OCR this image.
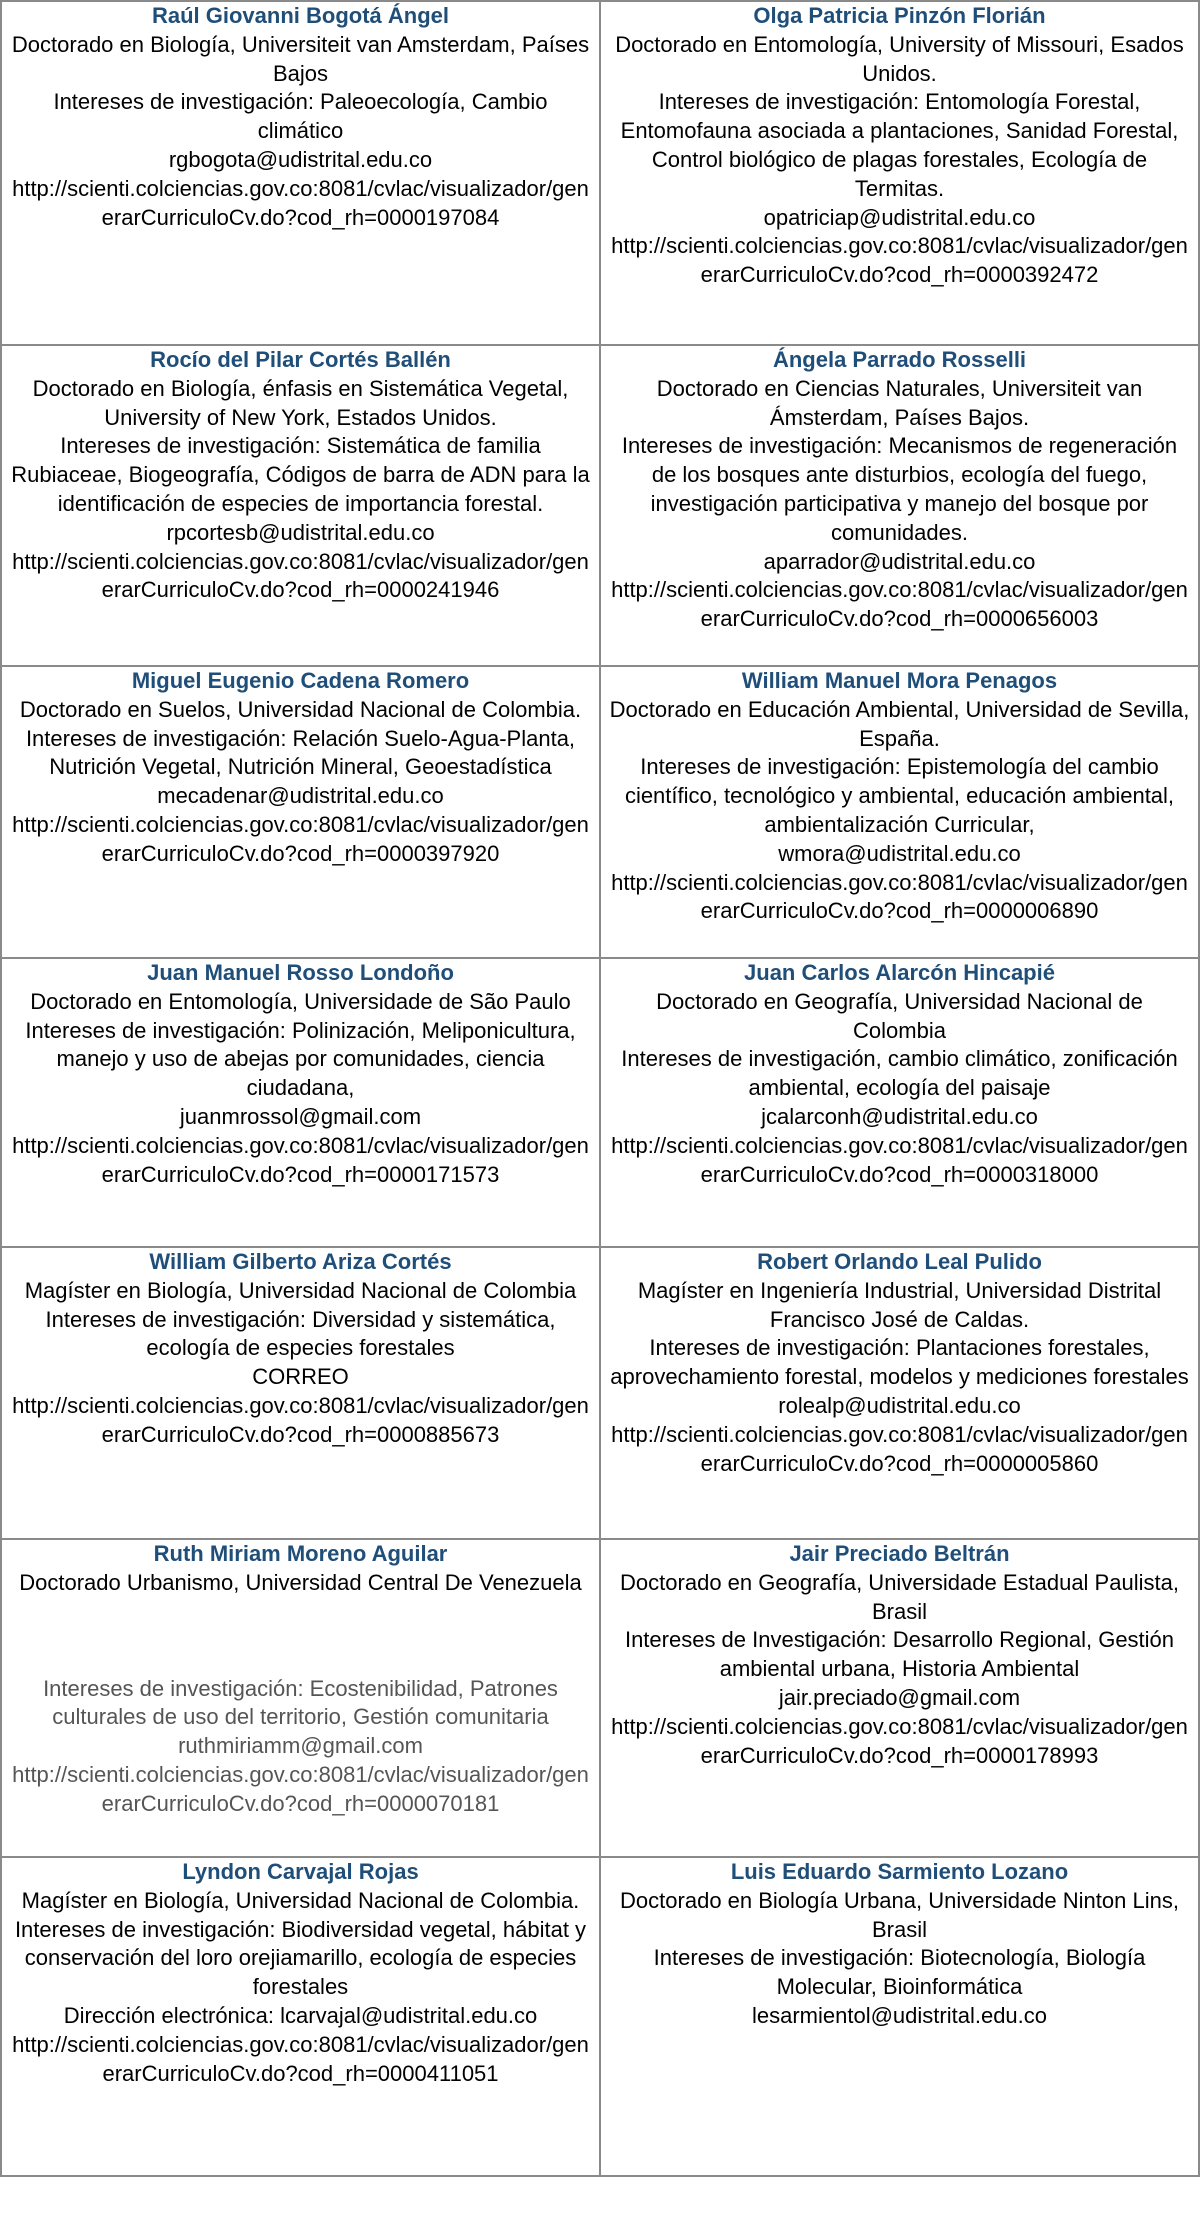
Raúl Giovanni Bogotá Ángel
Doctorado en Biología, Universiteit van Amsterdam, Países Bajos
Intereses de investigación: Paleoecología, Cambio climático
rgbogota@udistrital.edu.co
http://scienti.colciencias.gov.co:8081/cvlac/visualizador/generarCurriculoCv.do?cod_rh=0000197084
Olga Patricia Pinzón Florián
Doctorado en Entomología, University of Missouri, Esados Unidos.
Intereses de investigación: Entomología Forestal, Entomofauna asociada a plantaciones, Sanidad Forestal, Control biológico de plagas forestales, Ecología de Termitas.
opatriciap@udistrital.edu.co
http://scienti.colciencias.gov.co:8081/cvlac/visualizador/generarCurriculoCv.do?cod_rh=0000392472
Rocío del Pilar Cortés Ballén
Doctorado en Biología, énfasis en Sistemática Vegetal, University of New York, Estados Unidos.
Intereses de investigación: Sistemática de familia Rubiaceae, Biogeografía, Códigos de barra de ADN para la identificación de especies de importancia forestal.
rpcortesb@udistrital.edu.co
http://scienti.colciencias.gov.co:8081/cvlac/visualizador/generarCurriculoCv.do?cod_rh=0000241946
Ángela Parrado Rosselli
Doctorado en Ciencias Naturales, Universiteit van Ámsterdam, Países Bajos.
Intereses de investigación: Mecanismos de regeneración de los bosques ante disturbios, ecología del fuego, investigación participativa y manejo del bosque por comunidades.
aparrador@udistrital.edu.co
http://scienti.colciencias.gov.co:8081/cvlac/visualizador/generarCurriculoCv.do?cod_rh=0000656003
Miguel Eugenio Cadena Romero
Doctorado en Suelos, Universidad Nacional de Colombia.
Intereses de investigación: Relación Suelo-Agua-Planta, Nutrición Vegetal, Nutrición Mineral, Geoestadística
mecadenar@udistrital.edu.co
http://scienti.colciencias.gov.co:8081/cvlac/visualizador/generarCurriculoCv.do?cod_rh=0000397920
William Manuel Mora Penagos
Doctorado en Educación Ambiental, Universidad de Sevilla, España.
Intereses de investigación: Epistemología del cambio científico, tecnológico y ambiental, educación ambiental, ambientalización Curricular,
wmora@udistrital.edu.co
http://scienti.colciencias.gov.co:8081/cvlac/visualizador/generarCurriculoCv.do?cod_rh=0000006890
Juan Manuel Rosso Londoño
Doctorado en Entomología, Universidade de São Paulo
Intereses de investigación: Polinización, Meliponicultura, manejo y uso de abejas por comunidades, ciencia ciudadana,
juanmrossol@gmail.com
http://scienti.colciencias.gov.co:8081/cvlac/visualizador/generarCurriculoCv.do?cod_rh=0000171573
Juan Carlos Alarcón Hincapié
Doctorado en Geografía, Universidad Nacional de Colombia
Intereses de investigación, cambio climático, zonificación ambiental, ecología del paisaje
jcalarconh@udistrital.edu.co
http://scienti.colciencias.gov.co:8081/cvlac/visualizador/generarCurriculoCv.do?cod_rh=0000318000
William Gilberto Ariza Cortés
Magíster en Biología, Universidad Nacional de Colombia
Intereses de investigación: Diversidad y sistemática, ecología de especies forestales
CORREO
http://scienti.colciencias.gov.co:8081/cvlac/visualizador/generarCurriculoCv.do?cod_rh=0000885673
Robert Orlando Leal Pulido
Magíster en Ingeniería Industrial, Universidad Distrital Francisco José de Caldas.
Intereses de investigación: Plantaciones forestales, aprovechamiento forestal, modelos y mediciones forestales
rolealp@udistrital.edu.co
http://scienti.colciencias.gov.co:8081/cvlac/visualizador/generarCurriculoCv.do?cod_rh=0000005860
Ruth Miriam Moreno Aguilar
Doctorado Urbanismo, Universidad Central De Venezuela
Intereses de investigación: Ecostenibilidad, Patrones culturales de uso del territorio, Gestión comunitaria
ruthmiriamm@gmail.com
http://scienti.colciencias.gov.co:8081/cvlac/visualizador/generarCurriculoCv.do?cod_rh=0000070181
Jair Preciado Beltrán
Doctorado en Geografía, Universidade Estadual Paulista, Brasil
Intereses de Investigación: Desarrollo Regional, Gestión ambiental urbana, Historia Ambiental
jair.preciado@gmail.com
http://scienti.colciencias.gov.co:8081/cvlac/visualizador/generarCurriculoCv.do?cod_rh=0000178993
Lyndon Carvajal Rojas
Magíster en Biología, Universidad Nacional de Colombia.
Intereses de investigación: Biodiversidad vegetal, hábitat y conservación del loro orejiamarillo, ecología de especies forestales
Dirección electrónica: lcarvajal@udistrital.edu.co
http://scienti.colciencias.gov.co:8081/cvlac/visualizador/generarCurriculoCv.do?cod_rh=0000411051
Luis Eduardo Sarmiento Lozano
Doctorado en Biología Urbana, Universidade Ninton Lins, Brasil
Intereses de investigación: Biotecnología, Biología Molecular, Bioinformática
lesarmientol@udistrital.edu.co
